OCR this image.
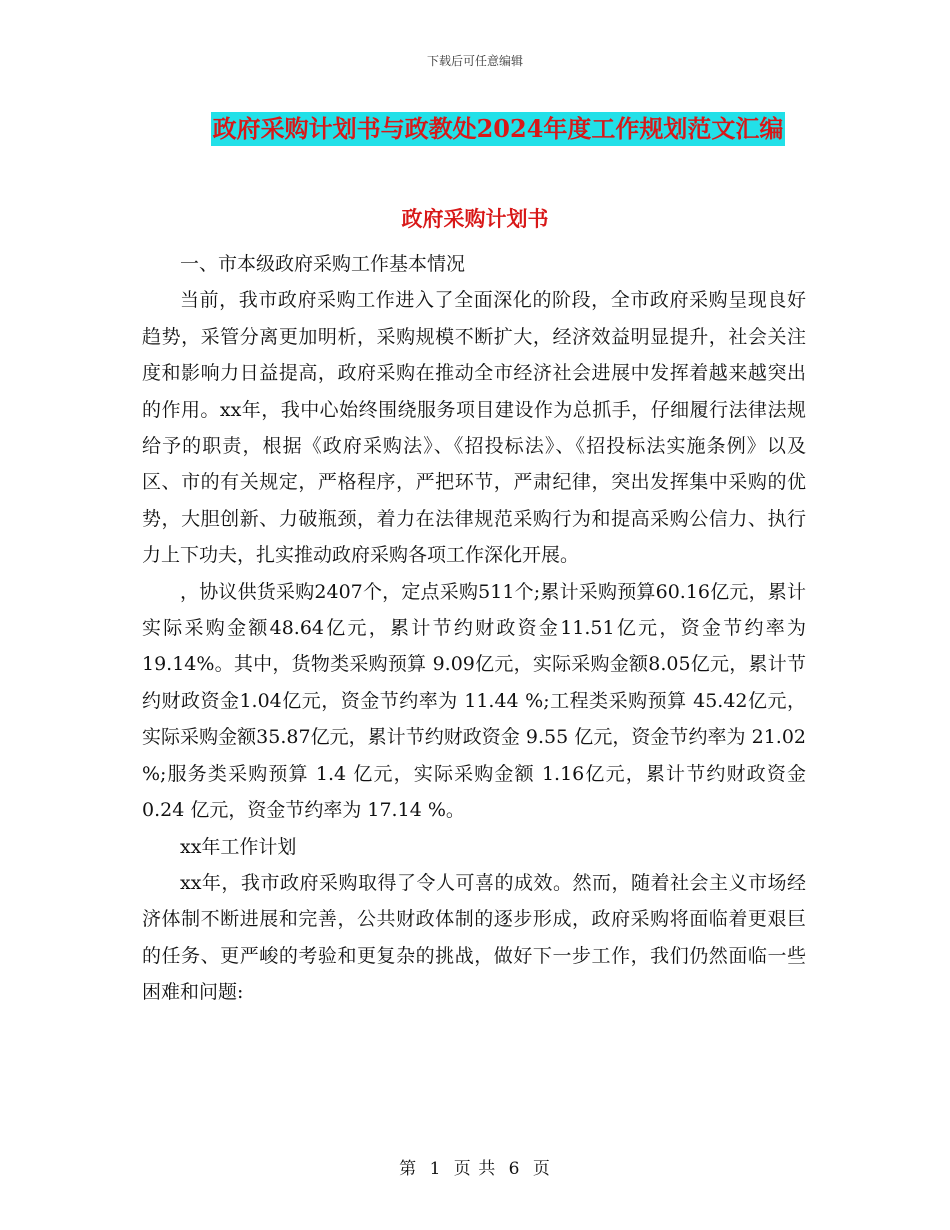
下载后可任意编辑
政府采购计划书与政教处2024年度工作规划范文汇编
政府采购计划书

一、市本级政府采购工作基本情况

当前，我市政府采购工作进入了全面深化的阶段，全市政府采购呈现良好趋势，采管分离更加明析，采购规模不断扩大，经济效益明显提升，社会关注度和影响力日益提高，政府采购在推动全市经济社会进展中发挥着越来越突出的作用。xx年，我中心始终围绕服务项目建设作为总抓手，仔细履行法律法规给予的职责，根据《政府采购法》、《招投标法》、《招投标法实施条例》以及区、市的有关规定，严格程序，严把环节，严肃纪律，突出发挥集中采购的优势，大胆创新、力破瓶颈，着力在法律规范采购行为和提高采购公信力、执行力上下功夫，扎实推动政府采购各项工作深化开展。

，协议供货采购2407个，定点采购511个;累计采购预算60.16亿元，累计实际采购金额48.64亿元，累计节约财政资金11.51亿元，资金节约率为19.14%。其中，货物类采购预算 9.09亿元，实际采购金额8.05亿元，累计节约财政资金1.04亿元，资金节约率为 11.44 %;工程类采购预算 45.42亿元，实际采购金额35.87亿元，累计节约财政资金 9.55 亿元，资金节约率为 21.02 %;服务类采购预算 1.4 亿元，实际采购金额 1.16亿元，累计节约财政资金 0.24 亿元，资金节约率为 17.14 %。

xx年工作计划

xx年，我市政府采购取得了令人可喜的成效。然而，随着社会主义市场经济体制不断进展和完善，公共财政体制的逐步形成，政府采购将面临着更艰巨的任务、更严峻的考验和更复杂的挑战，做好下一步工作，我们仍然面临一些困难和问题:

第 1 页 共 6 页
